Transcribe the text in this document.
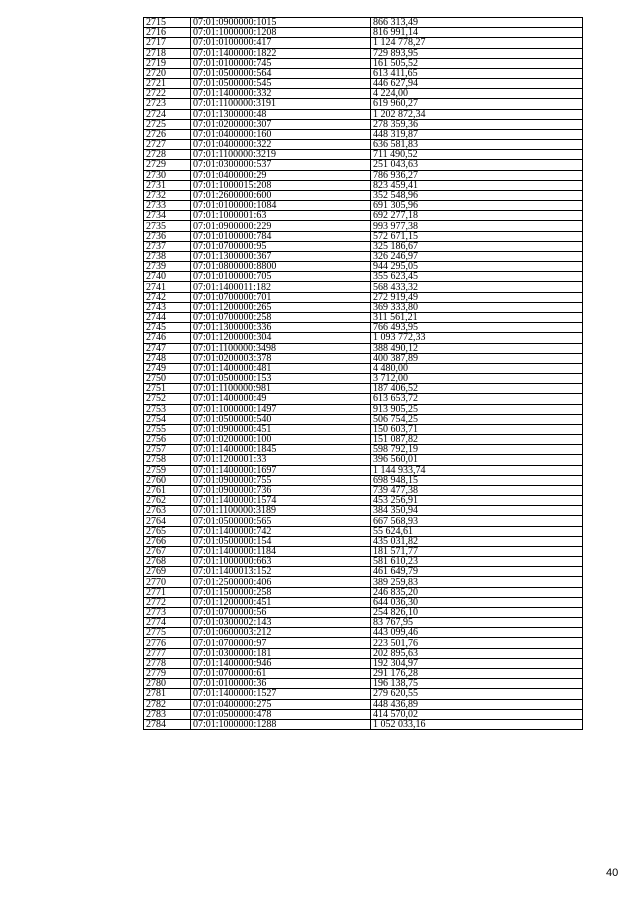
2715	07:01:0900000:1015	866 313,49
2716	07:01:1000000:1208	816 991,14
2717	07:01:0100000:417	1 124 778,27
2718	07:01:1400000:1822	729 893,95
2719	07:01:0100000:745	161 505,52
2720	07:01:0500000:564	613 411,65
2721	07:01:0500000:545	446 627,94
2722	07:01:1400000:332	4 224,00
2723	07:01:1100000:3191	619 960,27
2724	07:01:1300000:48	1 202 872,34
2725	07:01:0200000:307	278 359,36
2726	07:01:0400000:160	448 319,87
2727	07:01:0400000:322	636 581,83
2728	07:01:1100000:3219	711 490,52
2729	07:01:0300000:537	251 043,63
2730	07:01:0400000:29	786 936,27
2731	07:01:1000015:208	823 459,41
2732	07:01:2600000:600	352 548,96
2733	07:01:0100000:1084	691 305,96
2734	07:01:1000001:63	692 277,18
2735	07:01:0900000:229	993 977,38
2736	07:01:0100000:784	572 671,15
2737	07:01:0700000:95	325 186,67
2738	07:01:1300000:367	326 246,97
2739	07:01:0800000:8800	944 295,05
2740	07:01:0100000:705	355 623,45
2741	07:01:1400011:182	568 433,32
2742	07:01:0700000:701	272 919,49
2743	07:01:1200000:265	369 333,80
2744	07:01:0700000:258	311 561,21
2745	07:01:1300000:336	766 493,95
2746	07:01:1200000:304	1 093 772,33
2747	07:01:1100000:3498	388 490,12
2748	07:01:0200003:378	400 387,89
2749	07:01:1400000:481	4 480,00
2750	07:01:0500000:153	3 712,00
2751	07:01:1100000:981	187 406,52
2752	07:01:1400000:49	613 653,72
2753	07:01:1000000:1497	913 905,25
2754	07:01:0500000:540	506 754,25
2755	07:01:0900000:451	150 603,71
2756	07:01:0200000:100	151 087,82
2757	07:01:1400000:1845	598 792,19
2758	07:01:1200001:33	396 560,01
2759	07:01:1400000:1697	1 144 933,74
2760	07:01:0900000:755	698 948,15
2761	07:01:0900000:736	739 477,38
2762	07:01:1400000:1574	453 256,91
2763	07:01:1100000:3189	384 350,94
2764	07:01:0500000:565	667 568,93
2765	07:01:1400000:742	55 624,61
2766	07:01:0500000:154	435 031,82
2767	07:01:1400000:1184	181 571,77
2768	07:01:1000000:663	581 610,23
2769	07:01:1400013:152	461 649,79
2770	07:01:2500000:406	389 259,83
2771	07:01:1500000:258	246 835,20
2772	07:01:1200000:451	644 036,30
2773	07:01:0700000:56	254 826,10
2774	07:01:0300002:143	83 767,95
2775	07:01:0600003:212	443 099,46
2776	07:01:0700000:97	223 501,76
2777	07:01:0300000:181	202 895,63
2778	07:01:1400000:946	192 304,97
2779	07:01:0700000:61	291 176,28
2780	07:01:0100000:36	196 138,75
2781	07:01:1400000:1527	279 620,55
2782	07:01:0400000:275	448 436,89
2783	07:01:0500000:478	414 570,02
2784	07:01:1000000:1288	1 052 033,16
40
